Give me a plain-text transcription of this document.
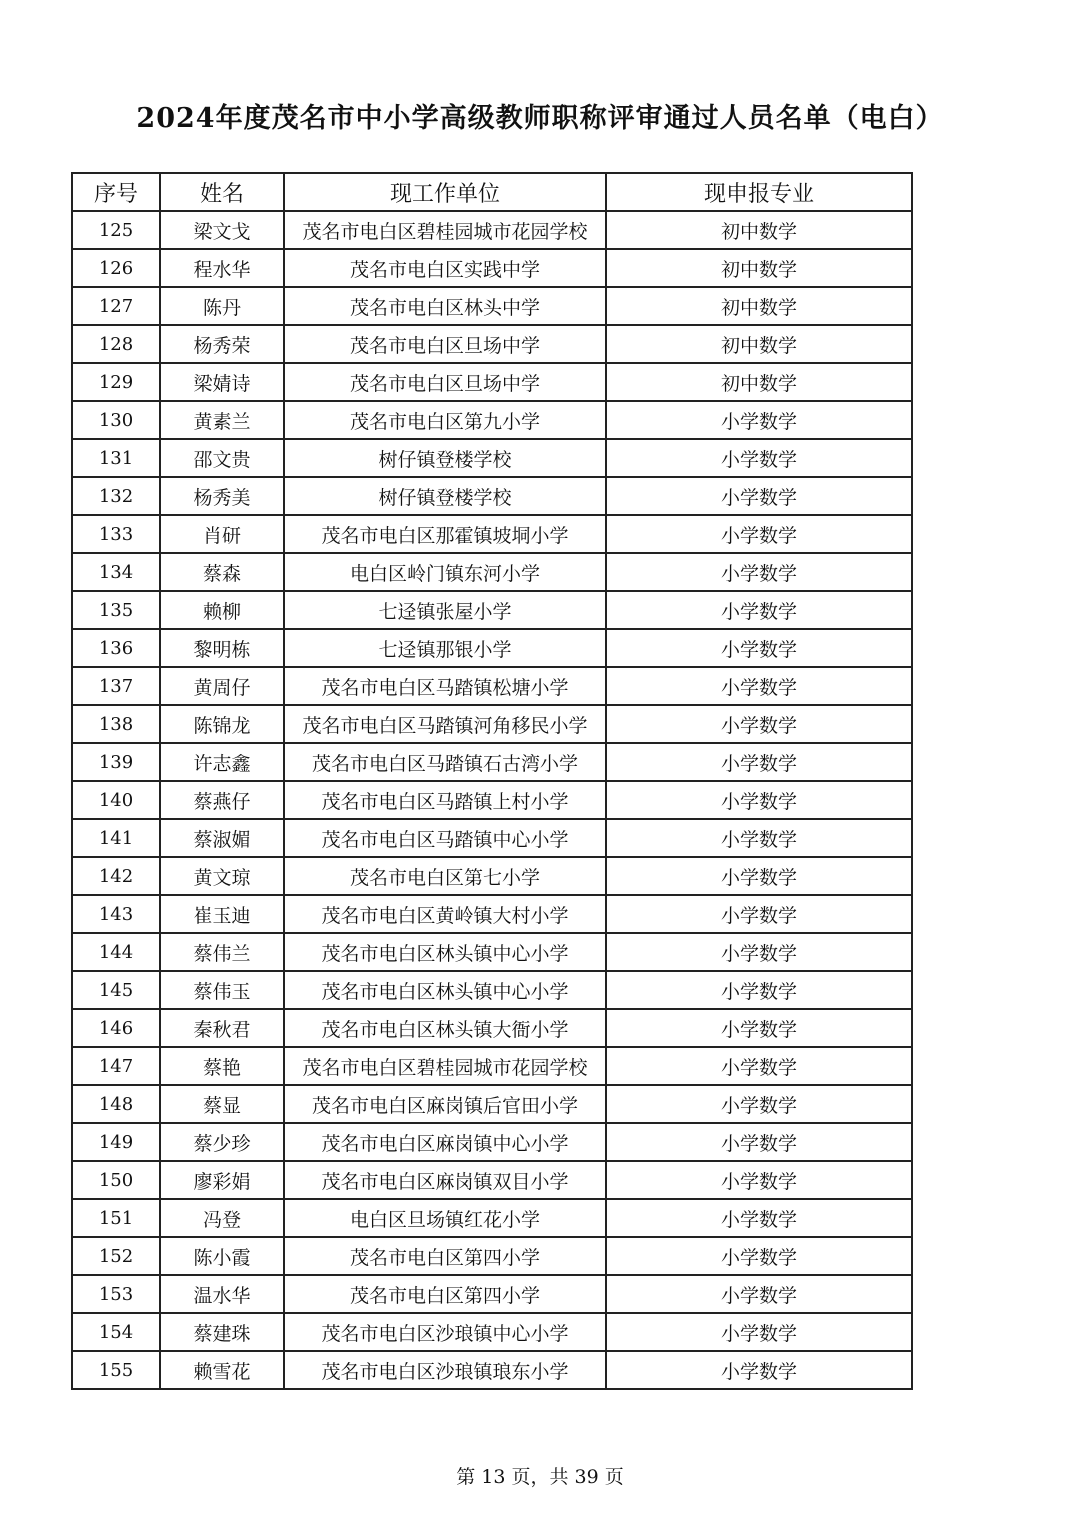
2024年度茂名市中小学高级教师职称评审通过人员名单（电白）
序号	姓名	现工作单位	现申报专业
125	梁文戈	茂名市电白区碧桂园城市花园学校	初中数学
126	程水华	茂名市电白区实践中学	初中数学
127	陈丹	茂名市电白区林头中学	初中数学
128	杨秀荣	茂名市电白区旦场中学	初中数学
129	梁婧诗	茂名市电白区旦场中学	初中数学
130	黄素兰	茂名市电白区第九小学	小学数学
131	邵文贵	树仔镇登楼学校	小学数学
132	杨秀美	树仔镇登楼学校	小学数学
133	肖研	茂名市电白区那霍镇坡垌小学	小学数学
134	蔡森	电白区岭门镇东河小学	小学数学
135	赖柳	七迳镇张屋小学	小学数学
136	黎明栋	七迳镇那银小学	小学数学
137	黄周仔	茂名市电白区马踏镇松塘小学	小学数学
138	陈锦龙	茂名市电白区马踏镇河角移民小学	小学数学
139	许志鑫	茂名市电白区马踏镇石古湾小学	小学数学
140	蔡燕仔	茂名市电白区马踏镇上村小学	小学数学
141	蔡淑媚	茂名市电白区马踏镇中心小学	小学数学
142	黄文琼	茂名市电白区第七小学	小学数学
143	崔玉迪	茂名市电白区黄岭镇大村小学	小学数学
144	蔡伟兰	茂名市电白区林头镇中心小学	小学数学
145	蔡伟玉	茂名市电白区林头镇中心小学	小学数学
146	秦秋君	茂名市电白区林头镇大衙小学	小学数学
147	蔡艳	茂名市电白区碧桂园城市花园学校	小学数学
148	蔡显	茂名市电白区麻岗镇后官田小学	小学数学
149	蔡少珍	茂名市电白区麻岗镇中心小学	小学数学
150	廖彩娟	茂名市电白区麻岗镇双目小学	小学数学
151	冯登	电白区旦场镇红花小学	小学数学
152	陈小霞	茂名市电白区第四小学	小学数学
153	温水华	茂名市电白区第四小学	小学数学
154	蔡建珠	茂名市电白区沙琅镇中心小学	小学数学
155	赖雪花	茂名市电白区沙琅镇琅东小学	小学数学
第 13 页，共 39 页
